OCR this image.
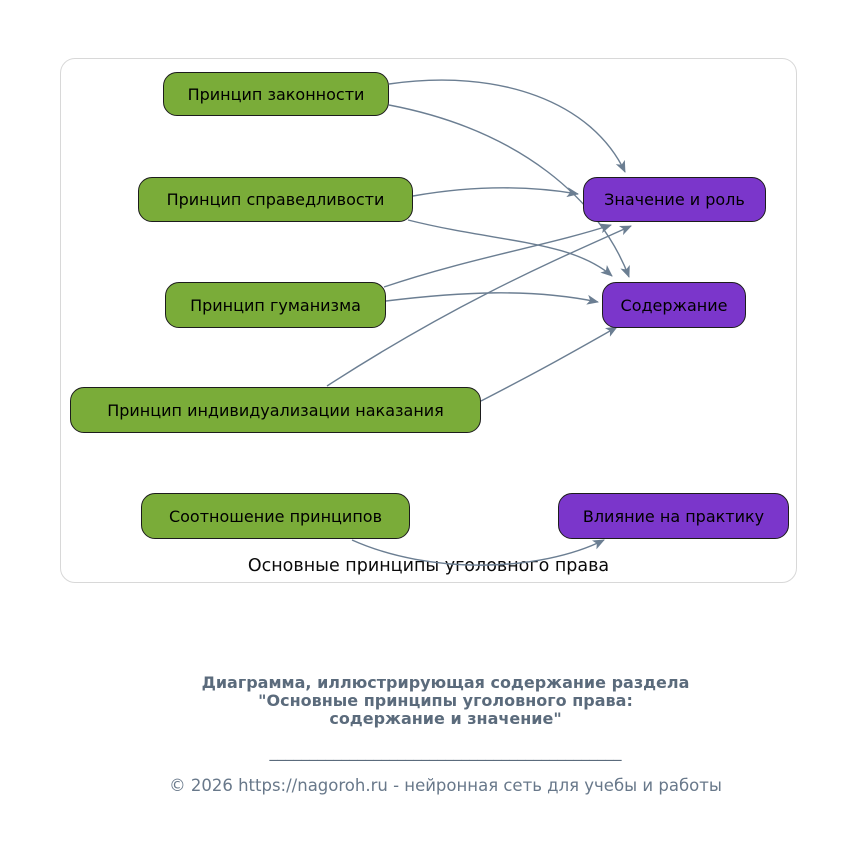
Принцип законности
Принцип справедливости
Принцип гуманизма
Принцип индивидуализации наказания
Соотношение принципов
Значение и роль
Содержание
Влияние на практику
Основные принципы уголовного права
Диаграмма, иллюстрирующая содержание раздела
"Основные принципы уголовного права:
содержание и значение"
____________________________________________
© 2026 https://nagoroh.ru - нейронная сеть для учебы и работы
